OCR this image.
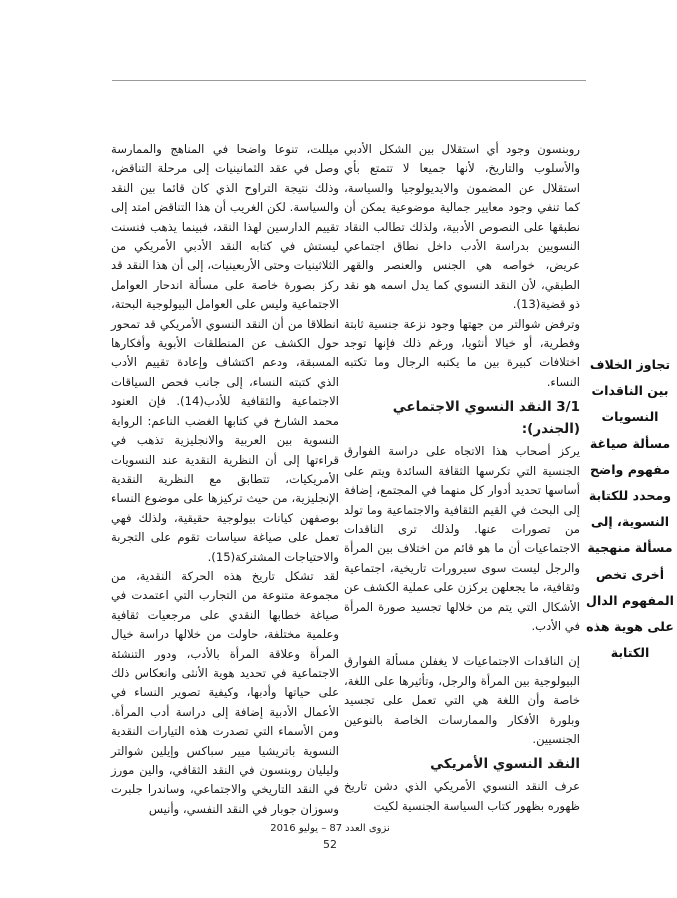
روبنسون وجود أي استقلال بين الشكل الأدبي والأسلوب والتاريخ، لأنها جميعا لا تتمتع بأي استقلال عن المضمون والايديولوجيا والسياسة، كما تنفي وجود معايير جمالية موضوعية يمكن أن نطبقها على النصوص الأدبية، ولذلك تطالب النقاد النسويين بدراسة الأدب داخل نطاق اجتماعي عريض، خواصه هي الجنس والعنصر والقهر الطبقي، لأن النقد النسوي كما يدل اسمه هو نقد ذو قضية(13).

وترفض شوالتر من جهتها وجود نزعة جنسية ثابتة وفطرية، أو خيالا أنثويا، ورغم ذلك فإنها توجد اختلافات كبيرة بين ما يكتبه الرجال وما تكتبه النساء.

3/1 النقد النسوي الاجتماعي (الجندر):

يركز أصحاب هذا الاتجاه على دراسة الفوارق الجنسية التي تكرسها الثقافة السائدة ويتم على أساسها تحديد أدوار كل منهما في المجتمع، إضافة إلى البحث في القيم الثقافية والاجتماعية وما تولد من تصورات عنها. ولذلك ترى الناقدات الاجتماعيات أن ما هو قائم من اختلاف بين المرأة والرجل ليست سوى سيرورات تاريخية، اجتماعية وثقافية، ما يجعلهن يركزن على عملية الكشف عن الأشكال التي يتم من خلالها تجسيد صورة المرأة في الأدب.

إن الناقدات الاجتماعيات لا يغفلن مسألة الفوارق البيولوجية بين المرأة والرجل، وتأثيرها على اللغة، خاصة وأن اللغة هي التي تعمل على تجسيد وبلورة الأفكار والممارسات الخاصة بالنوعين الجنسيين.

النقد النسوي الأمريكي

عرف النقد النسوي الأمريكي الذي دشن تاريخ ظهوره بظهور كتاب السياسة الجنسية لكيت

ميللت، تنوعا واضحا في المناهج والممارسة وصل في عقد الثمانينيات إلى مرحلة التناقض، وذلك نتيجة التراوح الذي كان قائما بين النقد والسياسة. لكن الغريب أن هذا التناقض امتد إلى تقييم الدارسين لهذا النقد، فبينما يذهب فنسنت ليستش في كتابه النقد الأدبي الأمريكي من الثلاثينيات وحتى الأربعينيات، إلى أن هذا النقد قد ركز بصورة خاصة على مسألة اندحار العوامل الاجتماعية وليس على العوامل البيولوجية البحتة، انطلاقا من أن النقد النسوي الأمريكي قد تمحور حول الكشف عن المنطلقات الأبوية وأفكارها المسبقة، ودعم اكتشاف وإعادة تقييم الأدب الذي كتبته النساء، إلى جانب فحص السياقات الاجتماعية والثقافية للأدب(14). فإن العنود محمد الشارخ في كتابها الغضب الناعم: الرواية النسوية بين العربية والانجليزية تذهب في قراءتها إلى أن النظرية النقدية عند النسويات الأمريكيات، تتطابق مع النظرية النقدية الإنجليزية، من حيث تركيزها على موضوع النساء بوصفهن كيانات بيولوجية حقيقية، ولذلك فهي تعمل على صياغة سياسات تقوم على التجربة والاحتياجات المشتركة(15).

لقد تشكل تاريخ هذه الحركة النقدية، من مجموعة متنوعة من التجارب التي اعتمدت في صياغة خطابها النقدي على مرجعيات ثقافية وعلمية مختلفة، حاولت من خلالها دراسة خيال المرأة وعلاقة المرأة بالأدب، ودور التنشئة الاجتماعية في تحديد هوية الأنثى وانعكاس ذلك على حياتها وأدبها، وكيفية تصوير النساء في الأعمال الأدبية إضافة إلى دراسة أدب المرأة. ومن الأسماء التي تصدرت هذه التيارات النقدية النسوية باتريشيا ميير سباكس وإيلين شوالتر وليليان روبنسون في النقد الثقافي، والين مورز في النقد التاريخي والاجتماعي، وساندرا جلبرت وسوزان جوبار في النقد النفسي، وأنيس

تجاوز الخلاف بين الناقدات النسويات مسألة صياغة مفهوم واضح ومحدد للكتابة النسوية، إلى مسألة منهجية أخرى تخص المفهوم الدال على هوية هذه الكتابة
نزوى العدد 87 – يوليو 2016
52
